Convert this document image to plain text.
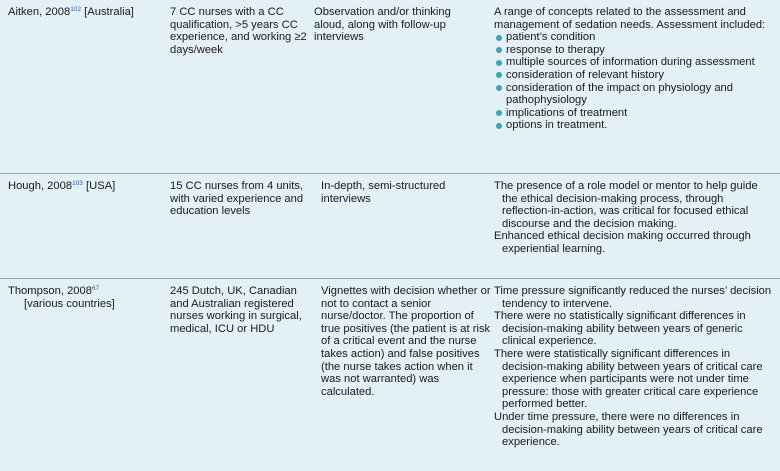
Aitken, 2008$^{102}$ [Australia]	7 CC nurses with a CC qualification, >5 years CC experience, and working ≥2 days/week
Observation and/or thinking aloud, along with follow-up interviews

A range of concepts related to the assessment and management of sedation needs. Assessment included:

patient’s condition
response to therapy
multiple sources of information during assessment
consideration of relevant history
consideration of the impact on physiology and pathophysiology
implications of treatment
options in treatment.
Hough, 2008$^{103}$ [USA]	15 CC nurses from 4 units, with varied experience and education levels
In-depth, semi-structured interviews

The presence of a role model or mentor to help guide the ethical decision-making process, through reflection-in-action, was critical for focused ethical discourse and the decision making.

Enhanced ethical decision making occurred through experiential learning.

Thompson, 2008$^{67}$
[various countries]
245 Dutch, UK, Canadian and Australian registered nurses working in surgical, medical, ICU or HDU
Vignettes with decision whether or not to contact a senior nurse/doctor. The proportion of true positives (the patient is at risk of a critical event and the nurse takes action) and false positives (the nurse takes action when it was not warranted) was calculated.

Time pressure significantly reduced the nurses’ decision tendency to intervene.

There were no statistically significant differences in decision-making ability between years of generic clinical experience.

There were statistically significant differences in decision-making ability between years of critical care experience when participants were not under time pressure: those with greater critical care experience performed better.

Under time pressure, there were no differences in decision-making ability between years of critical care experience.
